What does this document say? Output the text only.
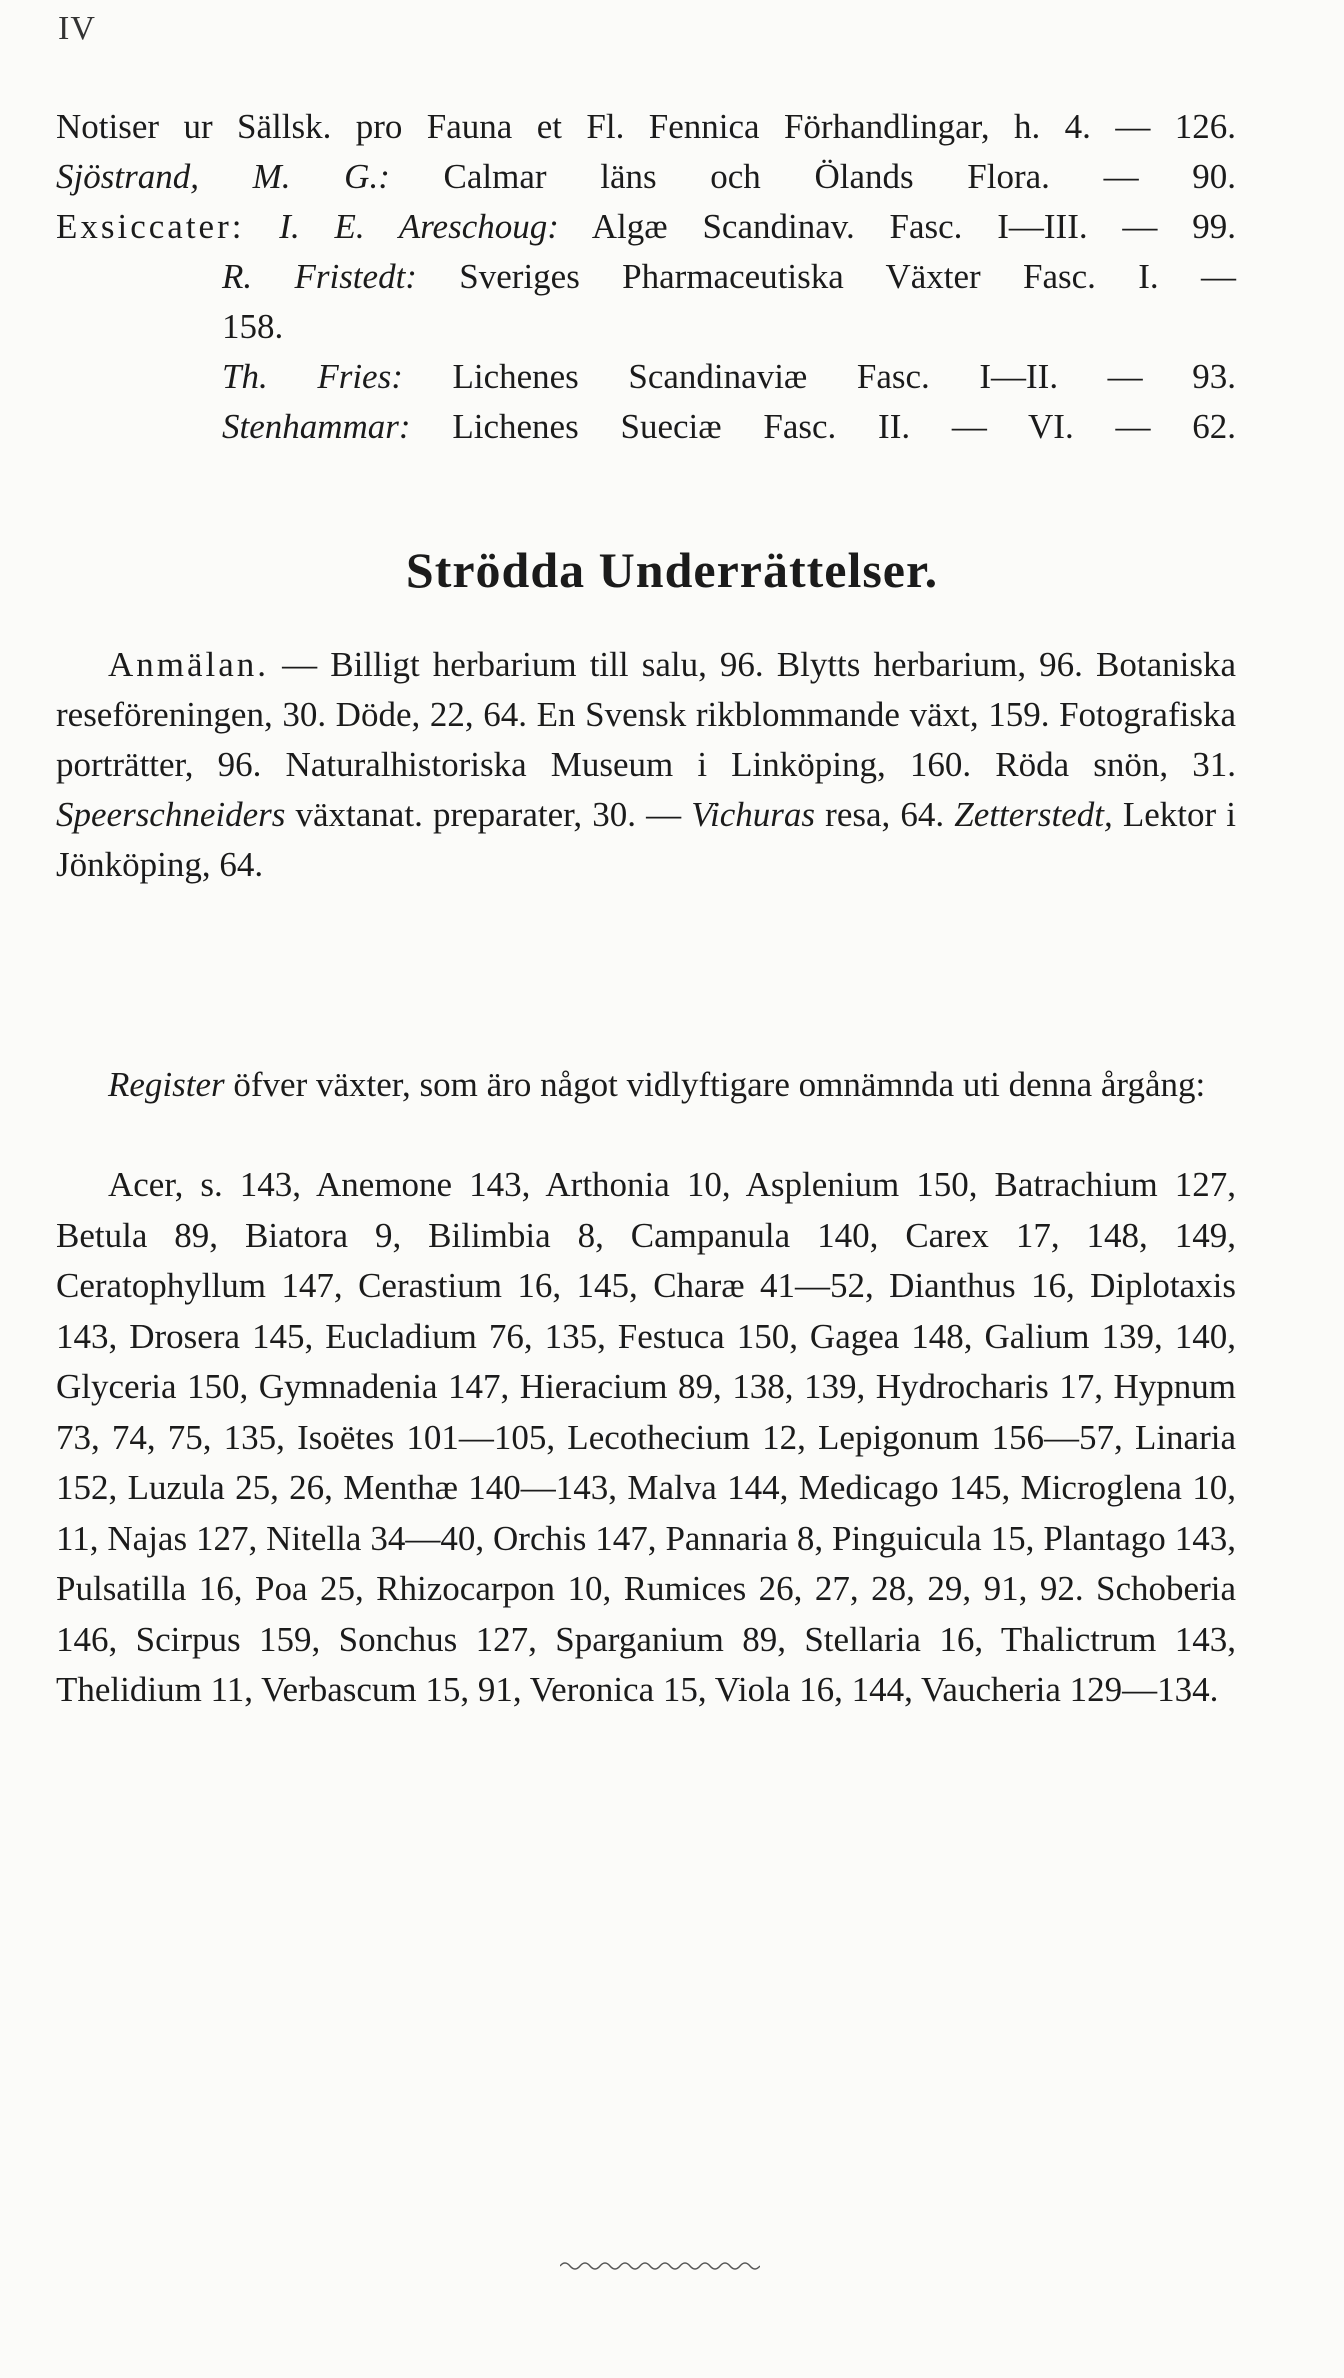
IV
Notiser ur Sällsk. pro Fauna et Fl. Fennica Förhandlingar, h. 4. — 126.
Sjöstrand, M. G.: Calmar läns och Ölands Flora. — 90.
Exsiccater: I. E. Areschoug: Algæ Scandinav. Fasc. I—III. — 99.
R. Fristedt: Sveriges Pharmaceutiska Växter Fasc. I. —
158.
Th. Fries: Lichenes Scandinaviæ Fasc. I—II. — 93.
Stenhammar: Lichenes Sueciæ Fasc. II. — VI. — 62.
Strödda Underrättelser.
Anmälan. — Billigt herbarium till salu, 96. Blytts herbarium, 96. Botaniska reseföreningen, 30. Döde, 22, 64. En Svensk rikblommande växt, 159. Fotografiska porträtter, 96. Naturalhistoriska Museum i Linköping, 160. Röda snön, 31. Speerschneiders växtanat. preparater, 30. — Vichuras resa, 64. Zetterstedt, Lektor i Jönköping, 64.
Register öfver växter, som äro något vidlyftigare omnämnda uti denna årgång:
Acer, s. 143, Anemone 143, Arthonia 10, Asplenium 150, Batrachium 127, Betula 89, Biatora 9, Bilimbia 8, Campanula 140, Carex 17, 148, 149, Ceratophyllum 147, Cerastium 16, 145, Charæ 41—52, Dianthus 16, Diplotaxis 143, Drosera 145, Eucladium 76, 135, Festuca 150, Gagea 148, Galium 139, 140, Glyceria 150, Gymnadenia 147, Hieracium 89, 138, 139, Hydrocharis 17, Hypnum 73, 74, 75, 135, Isoëtes 101—105, Lecothecium 12, Lepigonum 156—57, Linaria 152, Luzula 25, 26, Menthæ 140—143, Malva 144, Medicago 145, Microglena 10, 11, Najas 127, Nitella 34—40, Orchis 147, Pannaria 8, Pinguicula 15, Plantago 143, Pulsatilla 16, Poa 25, Rhizocarpon 10, Rumices 26, 27, 28, 29, 91, 92. Schoberia 146, Scirpus 159, Sonchus 127, Sparganium 89, Stellaria 16, Thalictrum 143, Thelidium 11, Verbascum 15, 91, Veronica 15, Viola 16, 144, Vaucheria 129—134.
